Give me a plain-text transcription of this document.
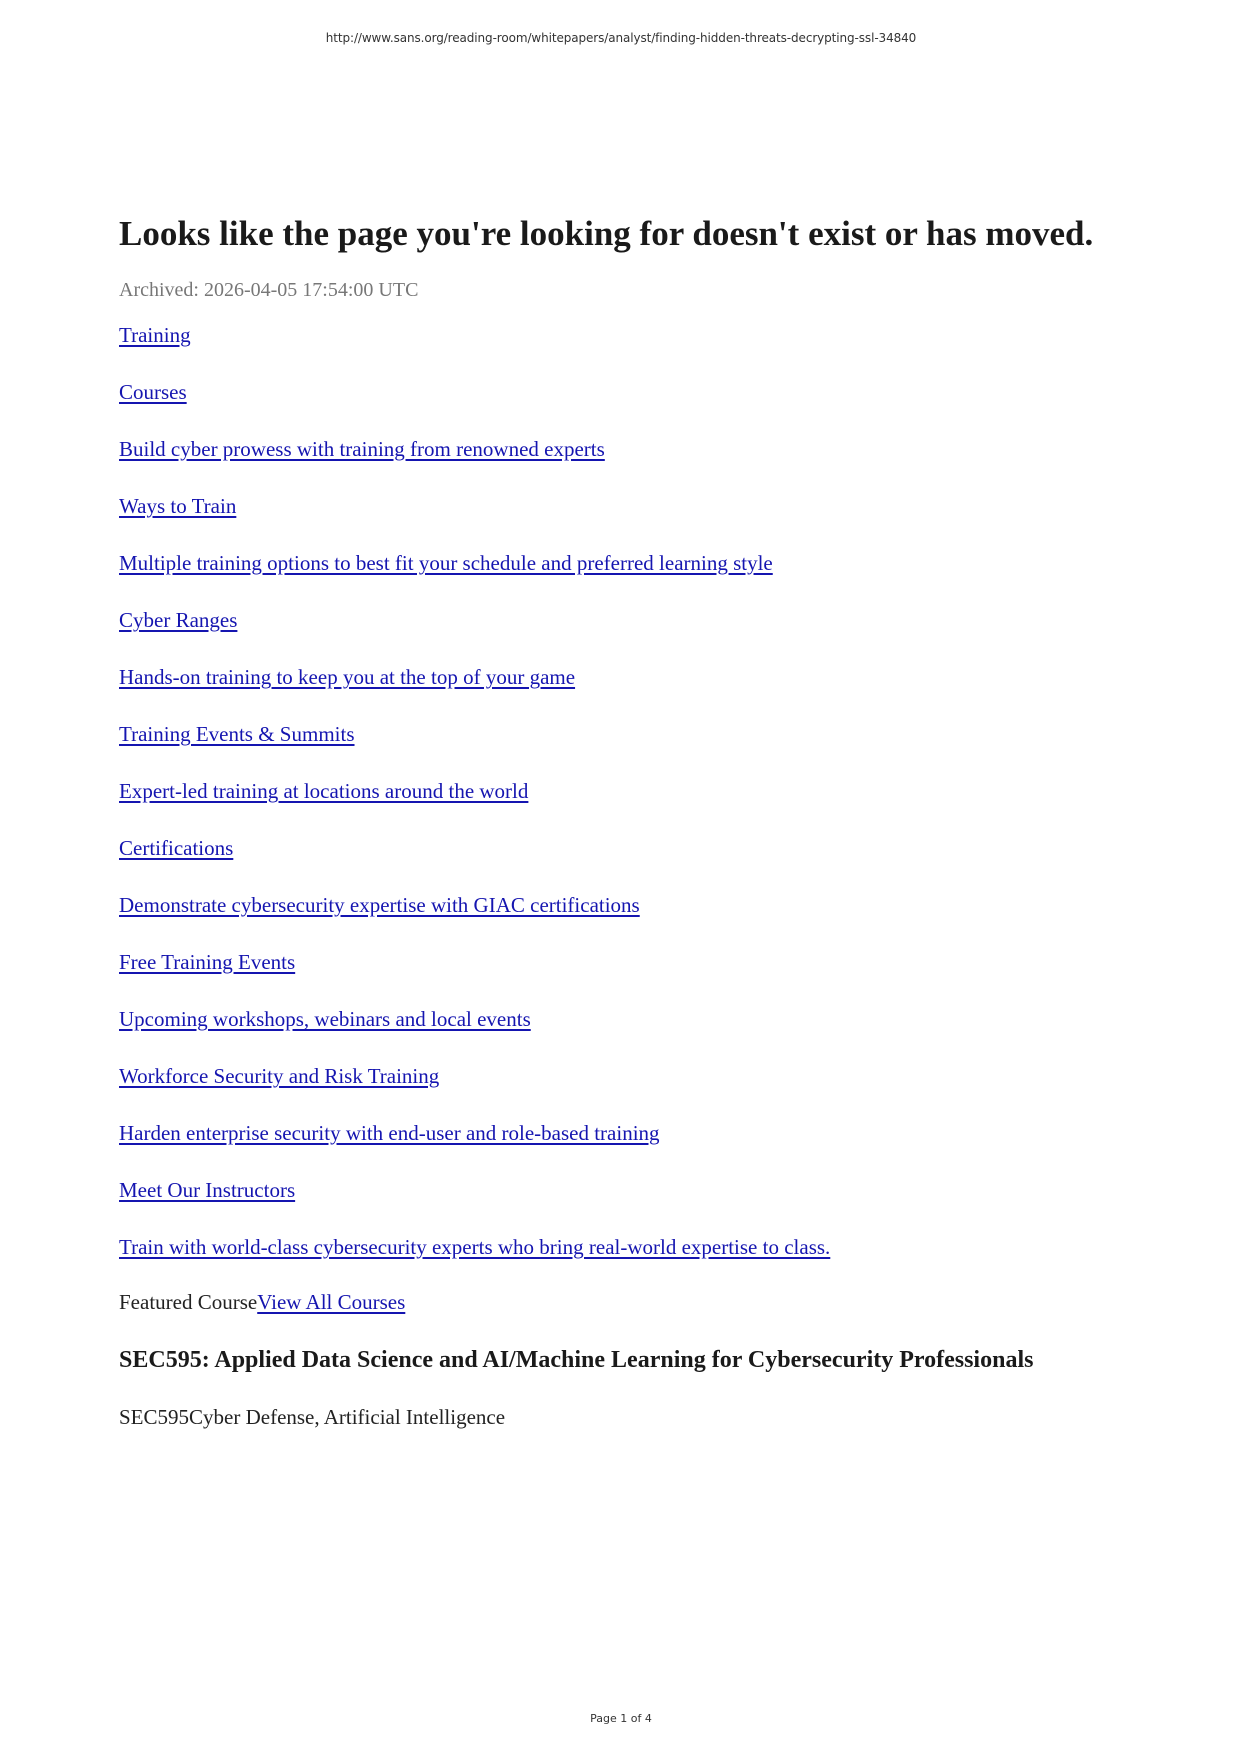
http://www.sans.org/reading-room/whitepapers/analyst/finding-hidden-threats-decrypting-ssl-34840
Looks like the page you're looking for doesn't exist or has moved.
Archived: 2026-04-05 17:54:00 UTC
Training
Courses
Build cyber prowess with training from renowned experts
Ways to Train
Multiple training options to best fit your schedule and preferred learning style
Cyber Ranges
Hands-on training to keep you at the top of your game
Training Events & Summits
Expert-led training at locations around the world
Certifications
Demonstrate cybersecurity expertise with GIAC certifications
Free Training Events
Upcoming workshops, webinars and local events
Workforce Security and Risk Training
Harden enterprise security with end-user and role-based training
Meet Our Instructors
Train with world-class cybersecurity experts who bring real-world expertise to class.
Featured CourseView All Courses
SEC595: Applied Data Science and AI/Machine Learning for Cybersecurity Professionals
SEC595Cyber Defense, Artificial Intelligence
Page 1 of 4
